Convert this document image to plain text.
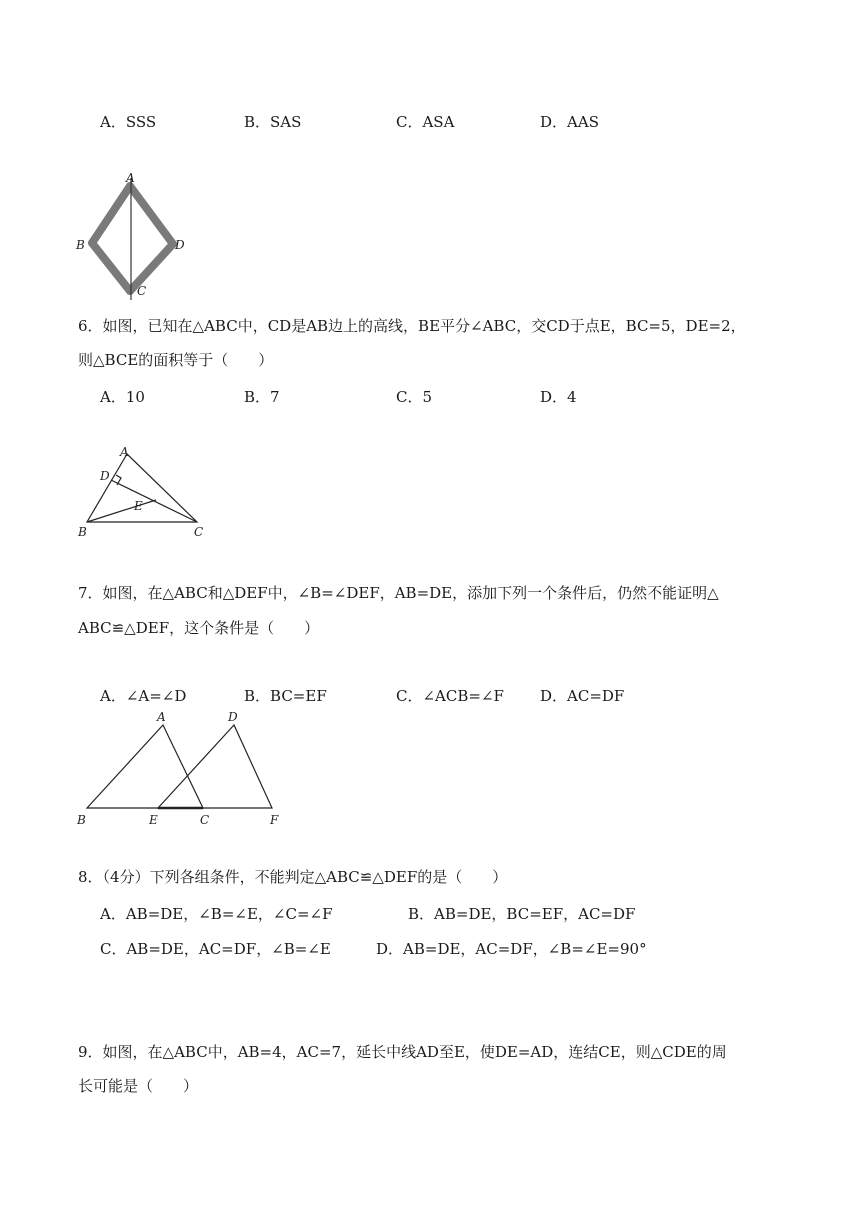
A．SSS	B．SAS	C．ASA	D．AAS
A
B	D
C
6．如图，已知在△ABC中，CD是AB边上的高线，BE平分∠ABC，交CD于点E，BC=5，DE=2，
则△BCE的面积等于（　　）
A．10	B．7	C．5	D．4
A
D
E
B	C
7．如图，在△ABC和△DEF中，∠B=∠DEF，AB=DE，添加下列一个条件后，仍然不能证明△
ABC≌△DEF，这个条件是（　　）
A．∠A=∠D	B．BC=EF	C．∠ACB=∠F D．AC=DF
A	D
B	E	C	F
8．（4分）下列各组条件，不能判定△ABC≌△DEF的是（　　）
A．AB=DE，∠B=∠E，∠C=∠F	B．AB=DE，BC=EF，AC=DF
C．AB=DE，AC=DF，∠B=∠E	D．AB=DE，AC=DF，∠B=∠E=90°
9．如图，在△ABC中，AB=4，AC=7，延长中线AD至E，使DE=AD，连结CE，则△CDE的周
长可能是（　　）
